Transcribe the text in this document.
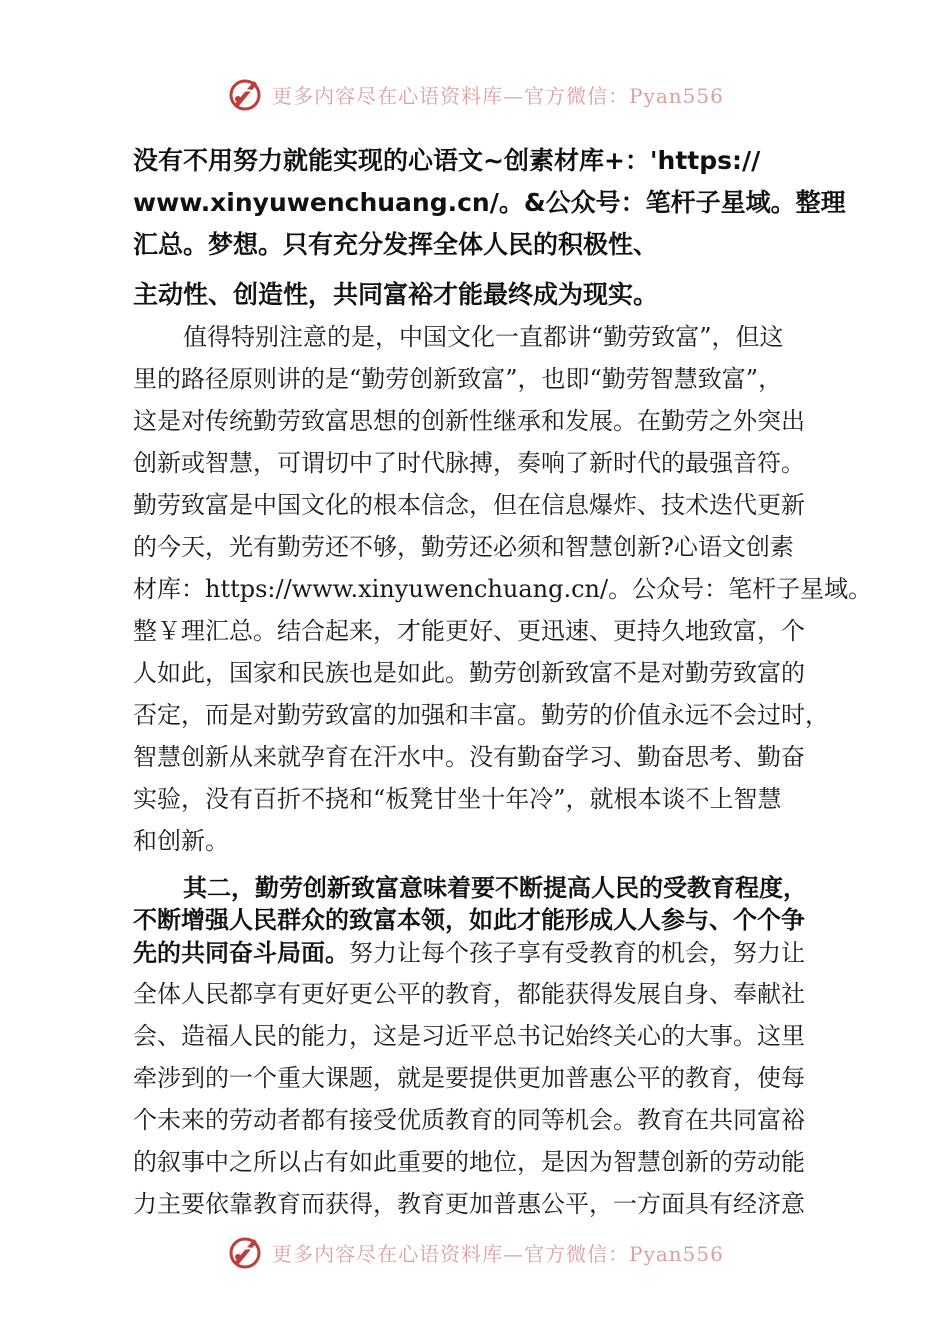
更多内容尽在心语资料库—官方微信：Pyan556
没有不用努力就能实现的心语文~创素材库+：'https://
www.xinyuwenchuang.cn/。&公众号：笔杆子星域。整理
汇总。梦想。只有充分发挥全体人民的积极性、
主动性、创造性，共同富裕才能最终成为现实。
值得特别注意的是，中国文化一直都讲“勤劳致富”，但这
里的路径原则讲的是“勤劳创新致富”，也即“勤劳智慧致富”，
这是对传统勤劳致富思想的创新性继承和发展。在勤劳之外突出
创新或智慧，可谓切中了时代脉搏，奏响了新时代的最强音符。
勤劳致富是中国文化的根本信念，但在信息爆炸、技术迭代更新
的今天，光有勤劳还不够，勤劳还必须和智慧创新?心语文创素
材库：https://www.xinyuwenchuang.cn/。公众号：笔杆子星域。
整￥理汇总。结合起来，才能更好、更迅速、更持久地致富，个
人如此，国家和民族也是如此。勤劳创新致富不是对勤劳致富的
否定，而是对勤劳致富的加强和丰富。勤劳的价值永远不会过时，
智慧创新从来就孕育在汗水中。没有勤奋学习、勤奋思考、勤奋
实验，没有百折不挠和“板凳甘坐十年冷”，就根本谈不上智慧
和创新。
其二，勤劳创新致富意味着要不断提高人民的受教育程度，
不断增强人民群众的致富本领，如此才能形成人人参与、个个争
先的共同奋斗局面。努力让每个孩子享有受教育的机会，努力让
全体人民都享有更好更公平的教育，都能获得发展自身、奉献社
会、造福人民的能力，这是习近平总书记始终关心的大事。这里
牵涉到的一个重大课题，就是要提供更加普惠公平的教育，使每
个未来的劳动者都有接受优质教育的同等机会。教育在共同富裕
的叙事中之所以占有如此重要的地位，是因为智慧创新的劳动能
力主要依靠教育而获得，教育更加普惠公平，一方面具有经济意
更多内容尽在心语资料库—官方微信：Pyan556
